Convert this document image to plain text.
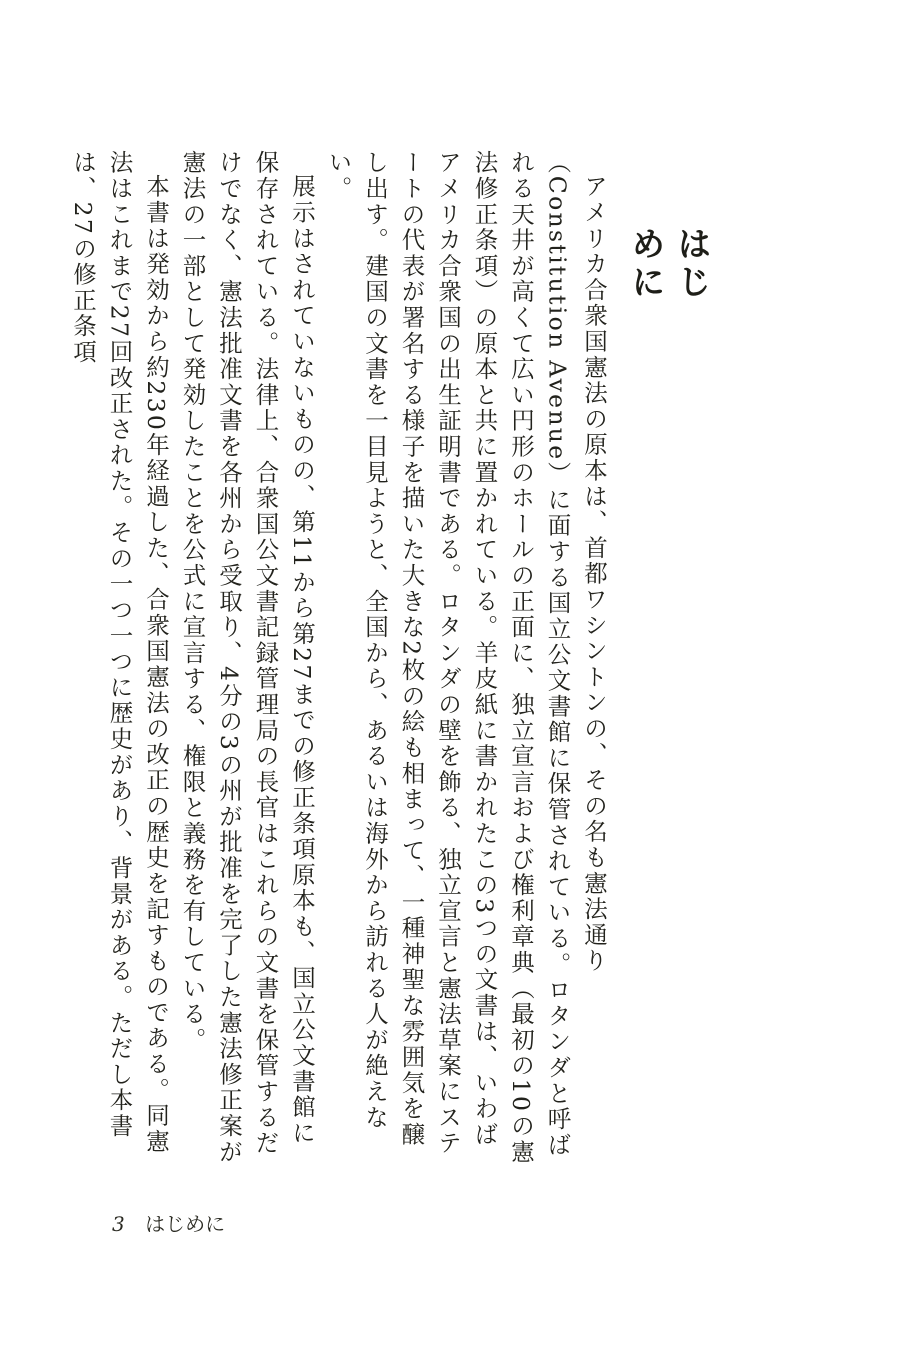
はじめに

アメリカ合衆国憲法の原本は、首都ワシントンの、その名も憲法通り（Constitution Avenue）に面する国立公文書館に保管されている。ロタンダと呼ばれる天井が高くて広い円形のホールの正面に、独立宣言および権利章典（最初の10の憲法修正条項）の原本と共に置かれている。羊皮紙に書かれたこの3つの文書は、いわばアメリカ合衆国の出生証明書である。ロタンダの壁を飾る、独立宣言と憲法草案にステートの代表が署名する様子を描いた大きな2枚の絵も相まって、一種神聖な雰囲気を醸し出す。建国の文書を一目見ようと、全国から、あるいは海外から訪れる人が絶えない。

展示はされていないものの、第11から第27までの修正条項原本も、国立公文書館に保存されている。法律上、合衆国公文書記録管理局の長官はこれらの文書を保管するだけでなく、憲法批准文書を各州から受取り、4分の3の州が批准を完了した憲法修正案が憲法の一部として発効したことを公式に宣言する、権限と義務を有している。

本書は発効から約230年経過した、合衆国憲法の改正の歴史を記すものである。同憲法はこれまで27回改正された。その一つ一つに歴史があり、背景がある。ただし本書は、27の修正条項

3 はじめに
